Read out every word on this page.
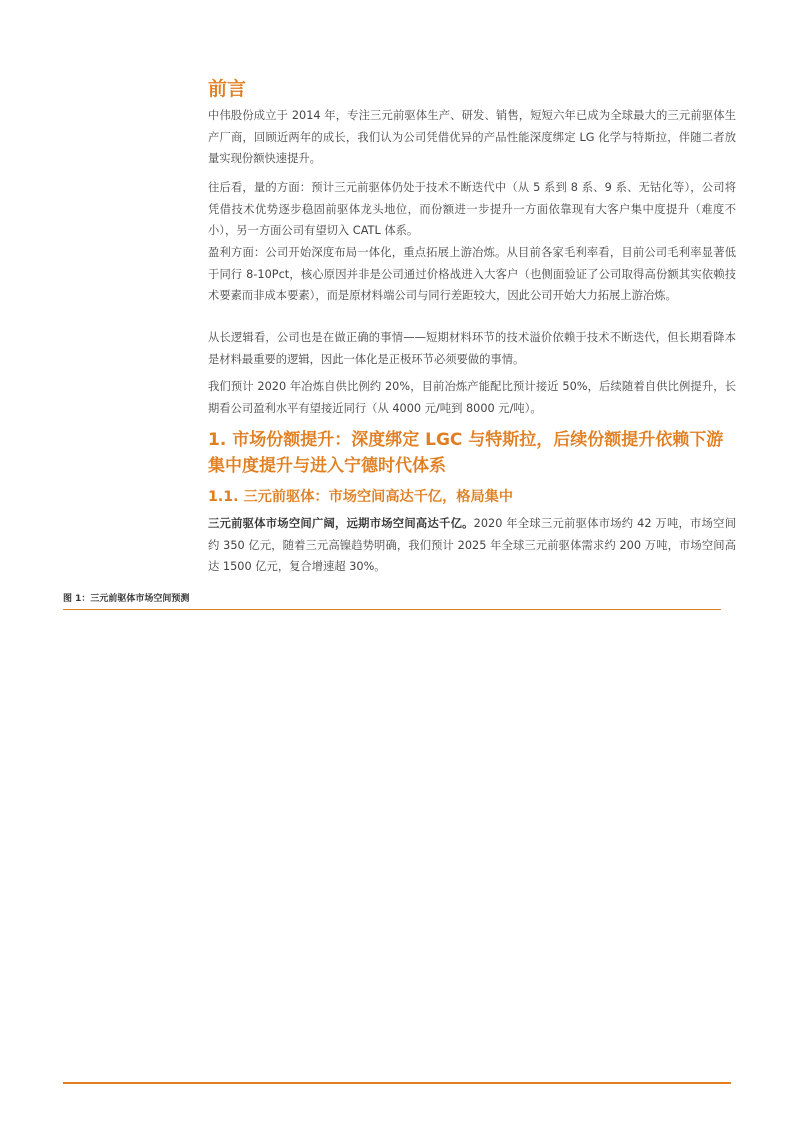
前言

中伟股份成立于 2014 年，专注三元前驱体生产、研发、销售，短短六年已成为全球最大的三元前驱体生产厂商，回顾近两年的成长，我们认为公司凭借优异的产品性能深度绑定 LG 化学与特斯拉，伴随二者放量实现份额快速提升。

往后看，量的方面：预计三元前驱体仍处于技术不断迭代中（从 5 系到 8 系、9 系、无钴化等），公司将凭借技术优势逐步稳固前驱体龙头地位，而份额进一步提升一方面依靠现有大客户集中度提升（难度不小），另一方面公司有望切入 CATL 体系。

盈利方面：公司开始深度布局一体化，重点拓展上游冶炼。从目前各家毛利率看，目前公司毛利率显著低于同行 8-10Pct，核心原因并非是公司通过价格战进入大客户（也侧面验证了公司取得高份额其实依赖技术要素而非成本要素），而是原材料端公司与同行差距较大，因此公司开始大力拓展上游冶炼。

从长逻辑看，公司也是在做正确的事情——短期材料环节的技术溢价依赖于技术不断迭代，但长期看降本是材料最重要的逻辑，因此一体化是正极环节必须要做的事情。

我们预计 2020 年冶炼自供比例约 20%，目前冶炼产能配比预计接近 50%，后续随着自供比例提升，长期看公司盈利水平有望接近同行（从 4000 元/吨到 8000 元/吨）。

1. 市场份额提升：深度绑定 LGC 与特斯拉，后续份额提升依赖下游集中度提升与进入宁德时代体系
1.1. 三元前驱体：市场空间高达千亿，格局集中

三元前驱体市场空间广阔，远期市场空间高达千亿。2020 年全球三元前驱体市场约 42 万吨，市场空间约 350 亿元，随着三元高镍趋势明确，我们预计 2025 年全球三元前驱体需求约 200 万吨，市场空间高达 1500 亿元，复合增速超 30%。

图 1：三元前驱体市场空间预测
